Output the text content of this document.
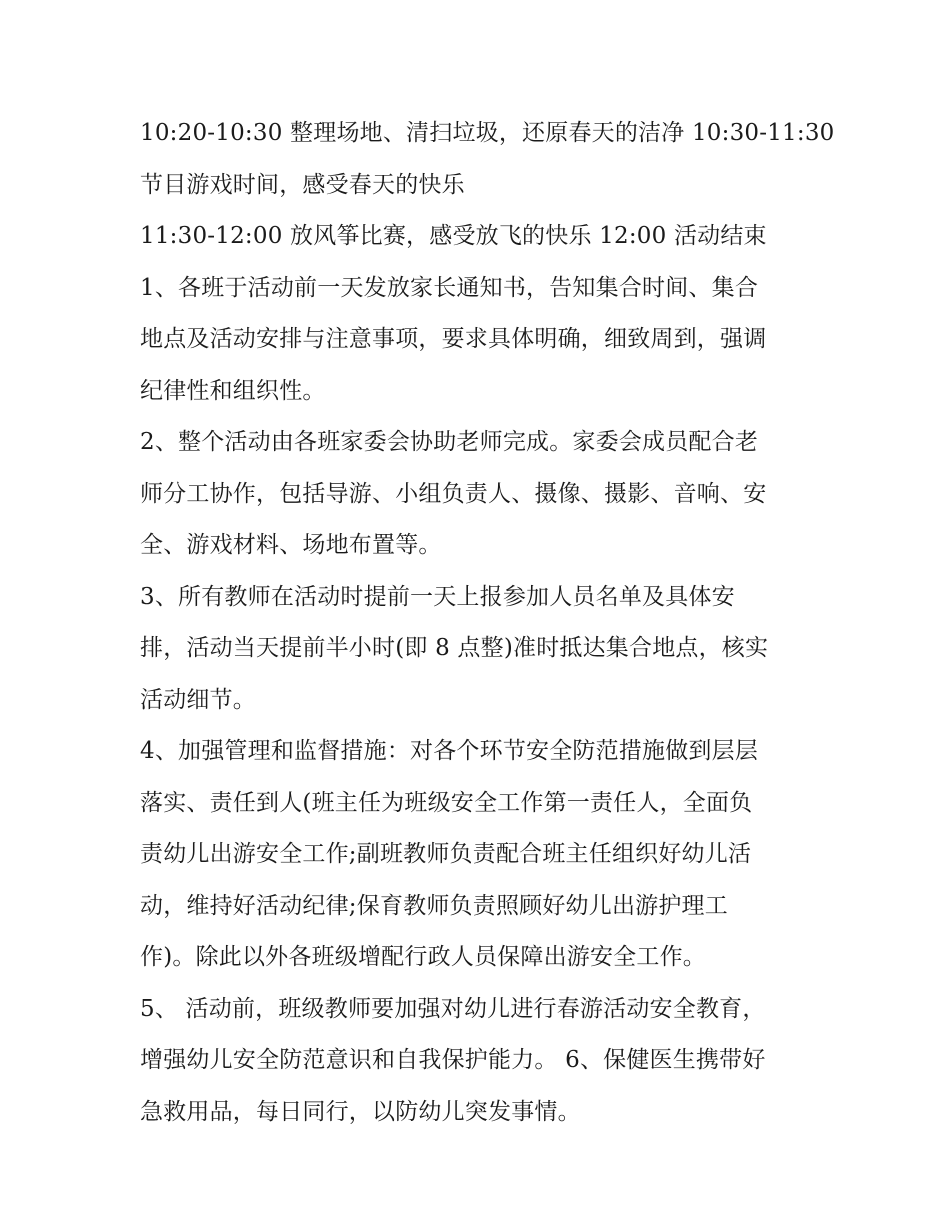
10:20-10:30 整理场地、清扫垃圾，还原春天的洁净 10:30-11:30
节目游戏时间，感受春天的快乐
11:30-12:00 放风筝比赛，感受放飞的快乐 12:00 活动结束
1、各班于活动前一天发放家长通知书，告知集合时间、集合
地点及活动安排与注意事项，要求具体明确，细致周到，强调
纪律性和组织性。
2、整个活动由各班家委会协助老师完成。家委会成员配合老
师分工协作，包括导游、小组负责人、摄像、摄影、音响、安
全、游戏材料、场地布置等。
3、所有教师在活动时提前一天上报参加人员名单及具体安
排，活动当天提前半小时(即 8 点整)准时抵达集合地点，核实
活动细节。
4、加强管理和监督措施：对各个环节安全防范措施做到层层
落实、责任到人(班主任为班级安全工作第一责任人，全面负
责幼儿出游安全工作;副班教师负责配合班主任组织好幼儿活
动，维持好活动纪律;保育教师负责照顾好幼儿出游护理工
作)。除此以外各班级增配行政人员保障出游安全工作。
5、 活动前，班级教师要加强对幼儿进行春游活动安全教育，
增强幼儿安全防范意识和自我保护能力。 6、保健医生携带好
急救用品，每日同行，以防幼儿突发事情。
